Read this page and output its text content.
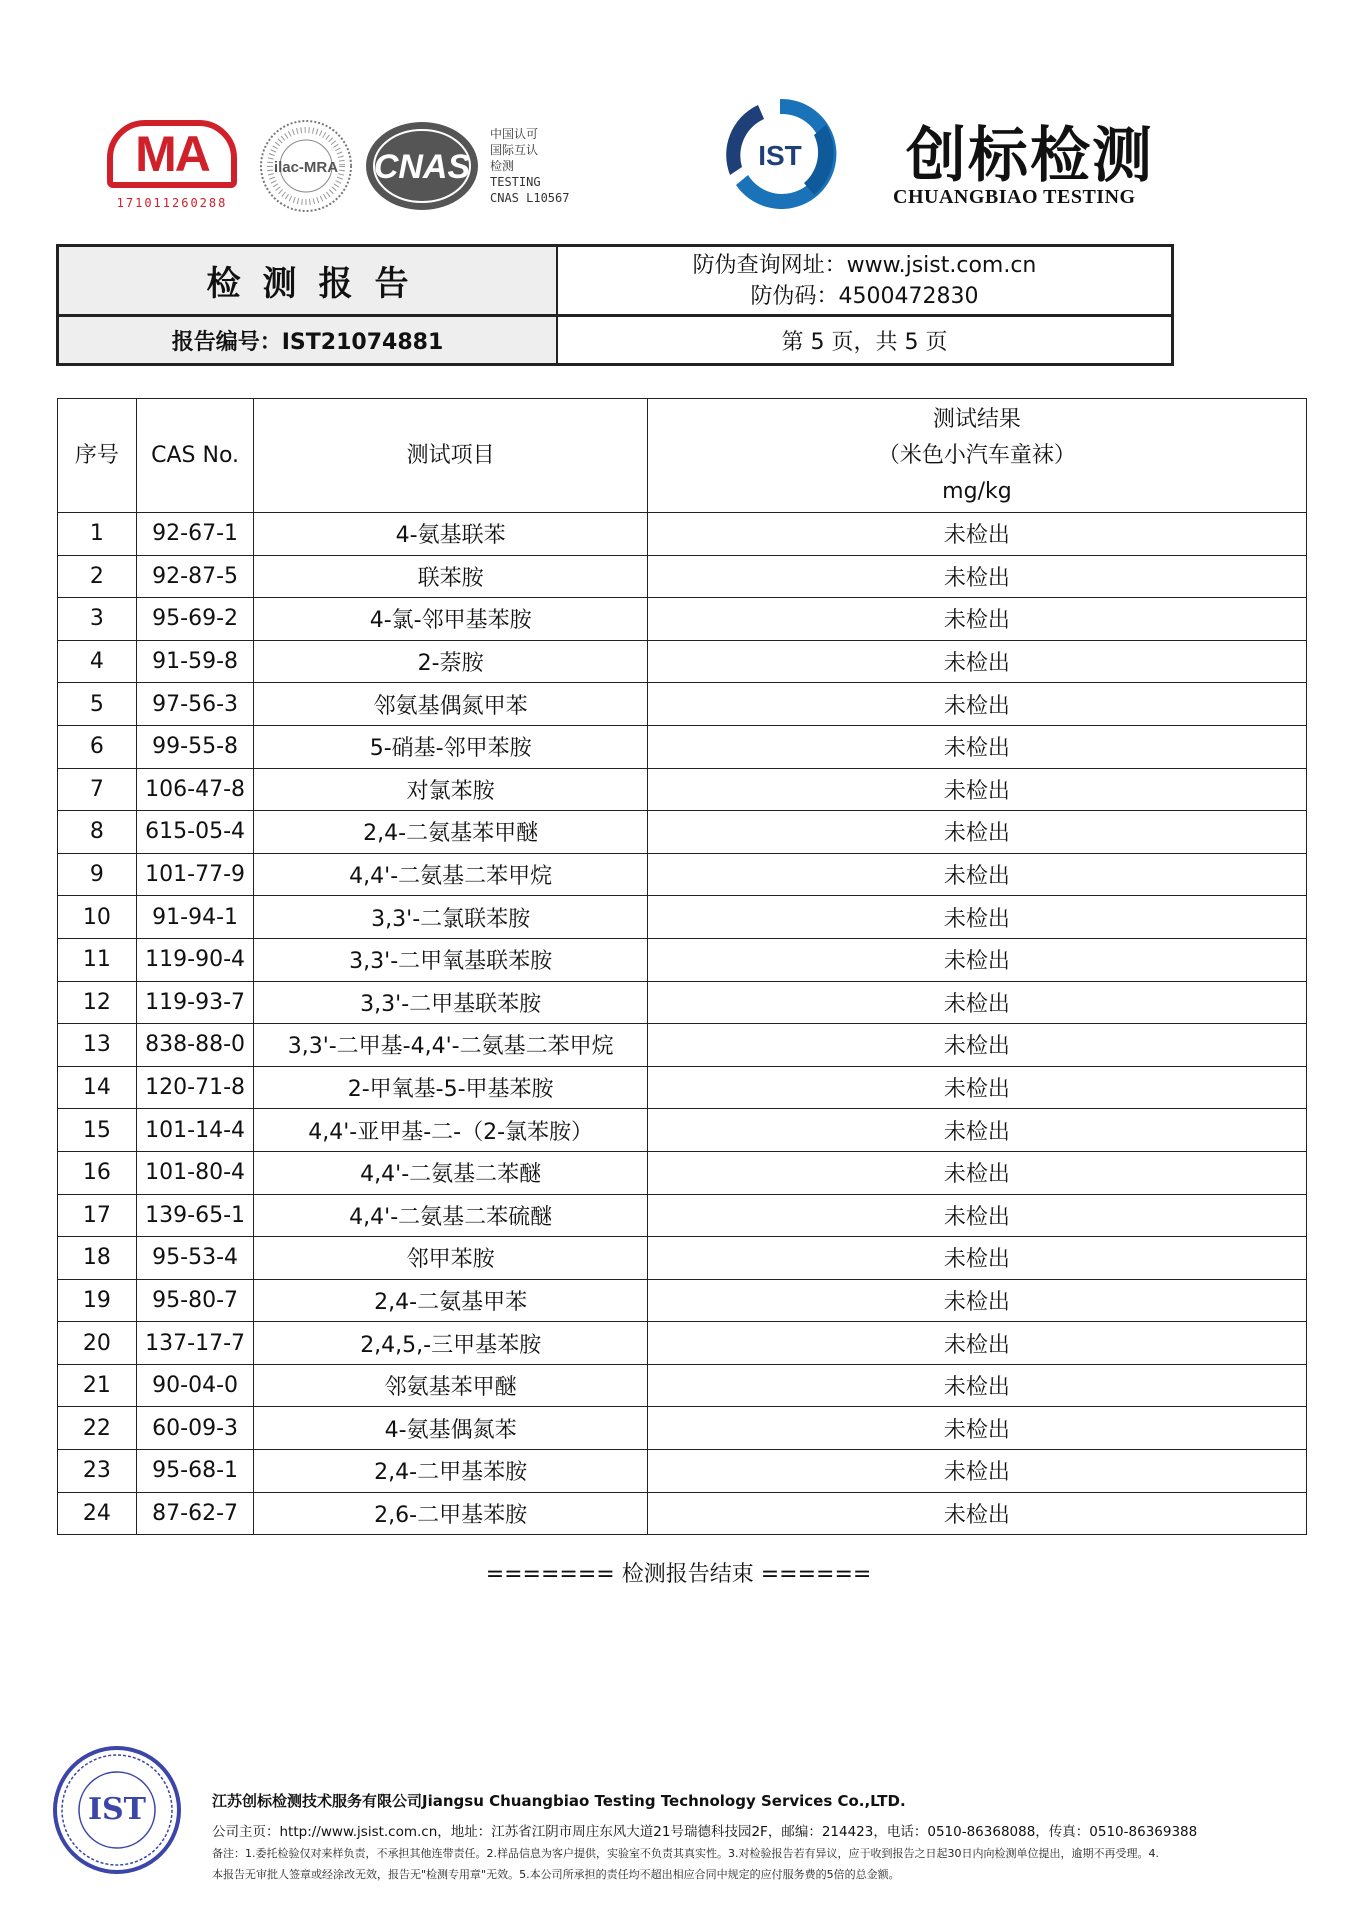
MA
171011260288
ilac-MRA CNAS
中国认可
国际互认
检测
TESTING
CNAS L10567
IST 创标检测
CHUANGBIAO TESTING
检测报告	防伪查询网址：www.jsist.com.cn
防伪码：4500472830
报告编号：IST21074881	第 5 页，共 5 页
序号	CAS No.	测试项目	测试结果
（米色小汽车童袜）
mg/kg

1	92-67-1	4-氨基联苯	未检出
2	92-87-5	联苯胺	未检出
3	95-69-2	4-氯-邻甲基苯胺	未检出
4	91-59-8	2-萘胺	未检出
5	97-56-3	邻氨基偶氮甲苯	未检出
6	99-55-8	5-硝基-邻甲苯胺	未检出
7	106-47-8	对氯苯胺	未检出
8	615-05-4	2,4-二氨基苯甲醚	未检出
9	101-77-9	4,4'-二氨基二苯甲烷	未检出
10	91-94-1	3,3'-二氯联苯胺	未检出
11	119-90-4	3,3'-二甲氧基联苯胺	未检出
12	119-93-7	3,3'-二甲基联苯胺	未检出
13	838-88-0	3,3'-二甲基-4,4'-二氨基二苯甲烷	未检出
14	120-71-8	2-甲氧基-5-甲基苯胺	未检出
15	101-14-4	4,4'-亚甲基-二-（2-氯苯胺）	未检出
16	101-80-4	4,4'-二氨基二苯醚	未检出
17	139-65-1	4,4'-二氨基二苯硫醚	未检出
18	95-53-4	邻甲苯胺	未检出
19	95-80-7	2,4-二氨基甲苯	未检出
20	137-17-7	2,4,5,-三甲基苯胺	未检出
21	90-04-0	邻氨基苯甲醚	未检出
22	60-09-3	4-氨基偶氮苯	未检出
23	95-68-1	2,4-二甲基苯胺	未检出
24	87-62-7	2,6-二甲基苯胺	未检出
======= 检测报告结束 ======
IST	江苏创标检测技术服务有限公司Jiangsu Chuangbiao Testing Technology Services Co.,LTD.
公司主页：http://www.jsist.com.cn，地址：江苏省江阴市周庄东风大道21号瑞德科技园2F，邮编：214423，电话：0510-86368088，传真：0510-86369388
备注：1.委托检验仅对来样负责，不承担其他连带责任。2.样品信息为客户提供，实验室不负责其真实性。3.对检验报告若有异议，应于收到报告之日起30日内向检测单位提出，逾期不再受理。4.
本报告无审批人签章或经涂改无效，报告无"检测专用章"无效。5.本公司所承担的责任均不超出相应合同中规定的应付服务费的5倍的总金额。
